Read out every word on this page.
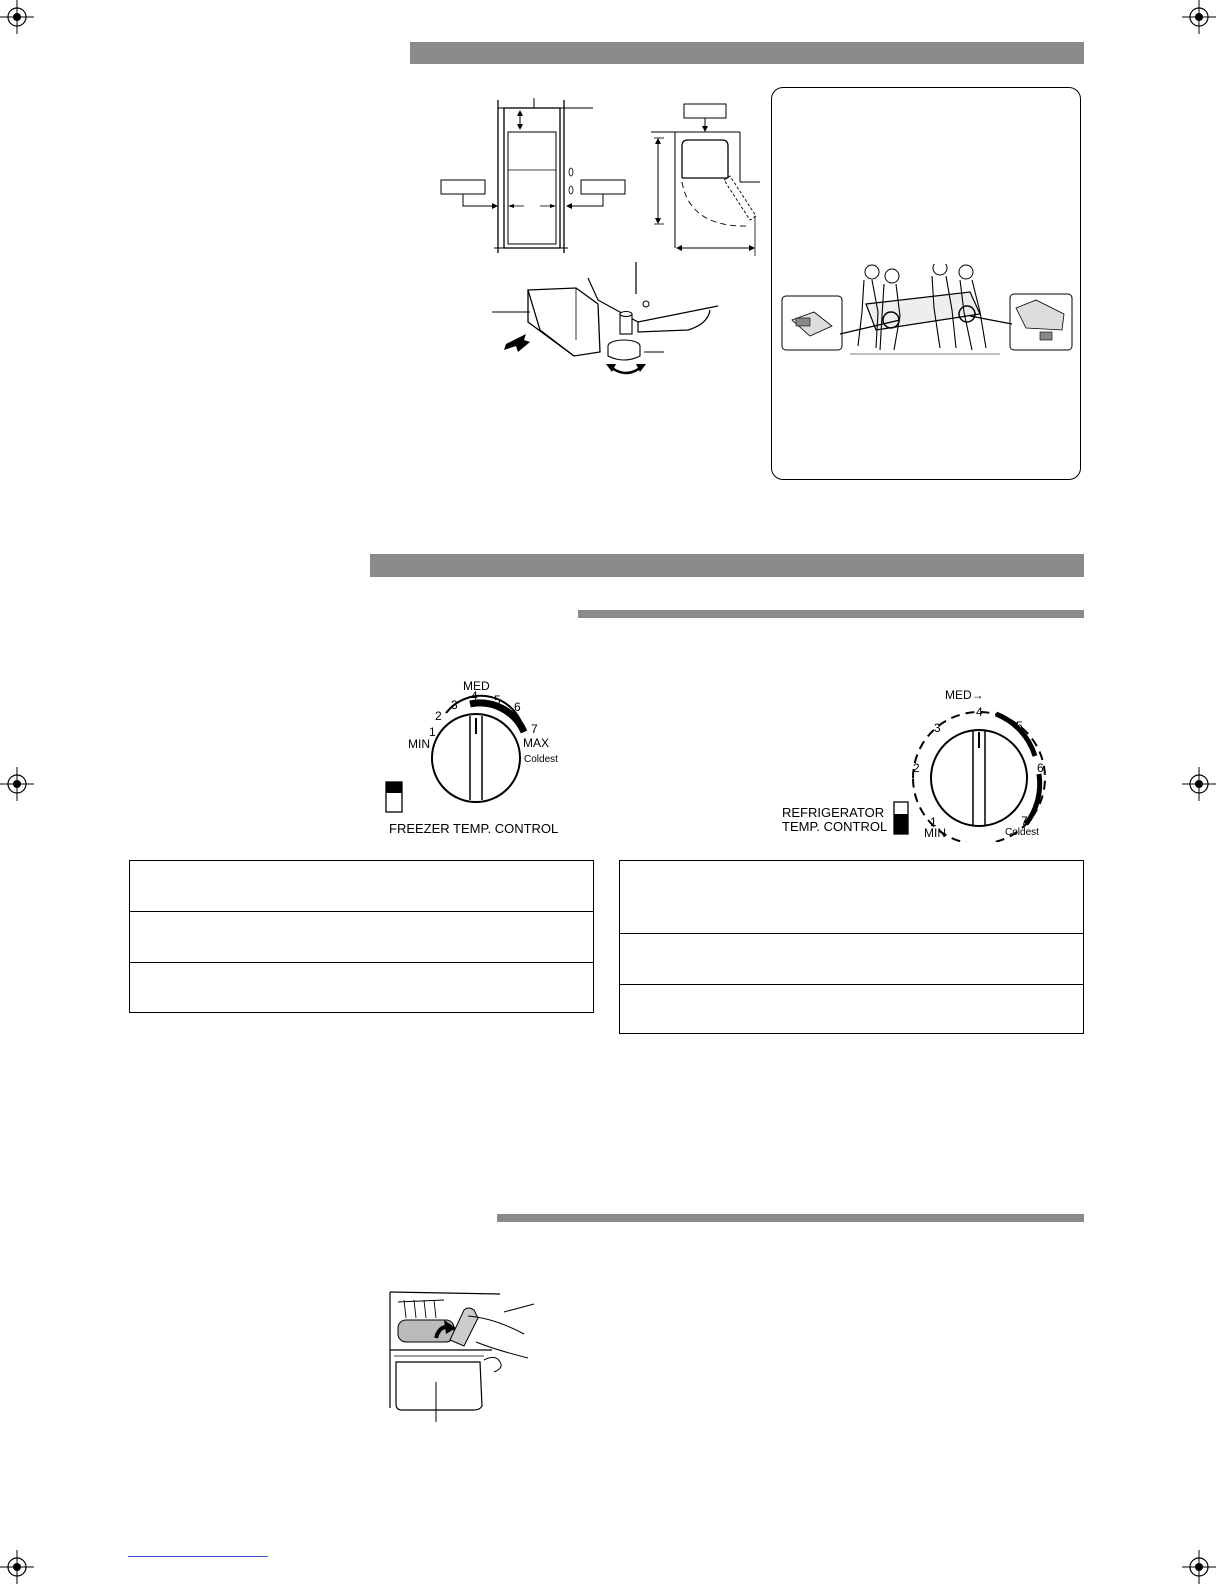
1
2
3
4 5 6
7
MED
MIN	MAX
Coldest
FREEZER TEMP. CONTROL	1
2
3
4
5
6
7
MED→
MIN	Coldest
REFRIGERATOR
TEMP. CONTROL
